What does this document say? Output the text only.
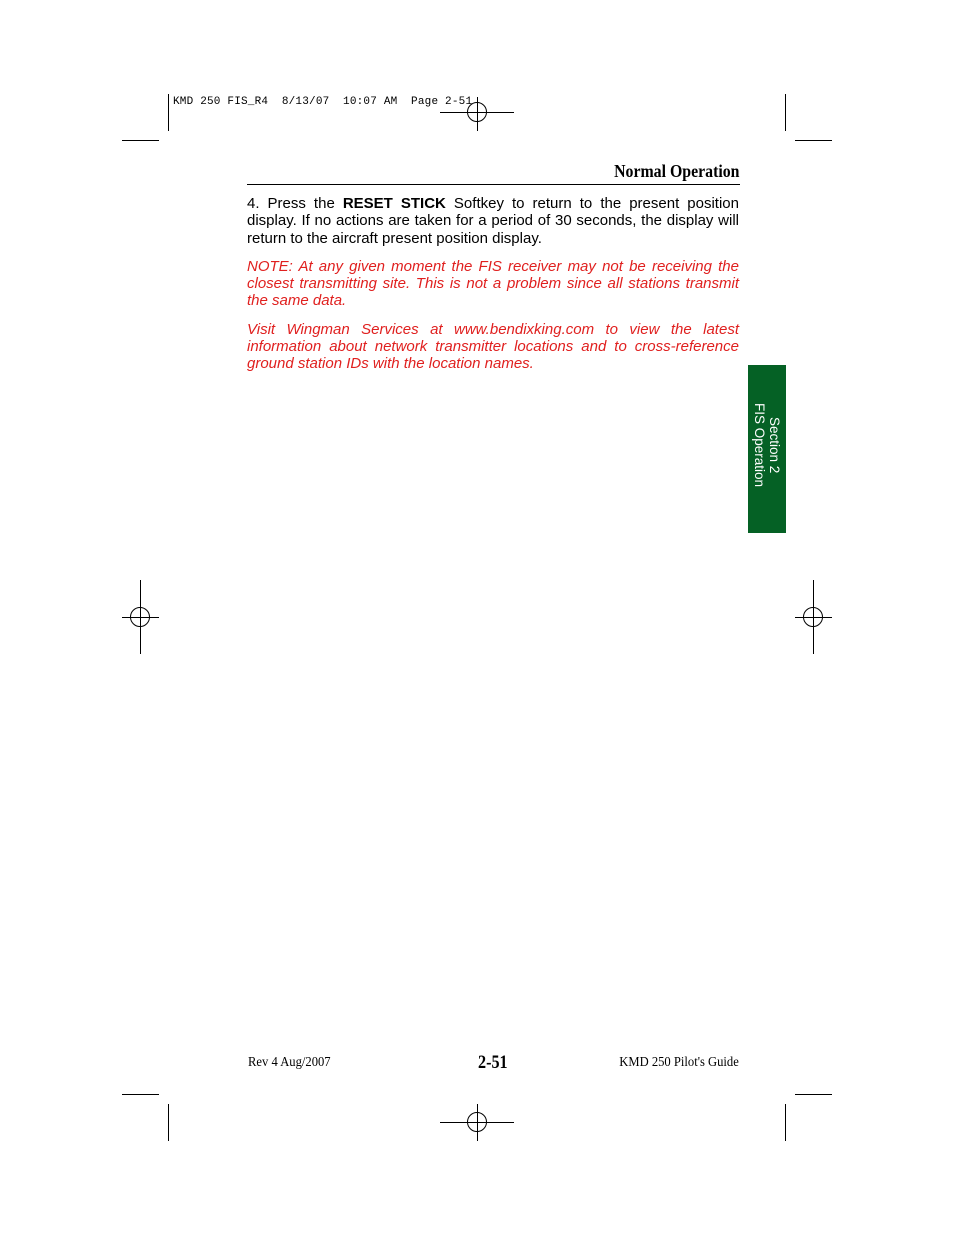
KMD 250 FIS_R4  8/13/07  10:07 AM  Page 2-51
Normal Operation

4. Press the RESET STICK Softkey to return to the present position display. If no actions are taken for a period of 30 seconds, the display will return to the aircraft present position display.

NOTE: At any given moment the FIS receiver may not be receiving the closest transmitting site. This is not a problem since all stations transmit the same data.

Visit Wingman Services at www.bendixking.com to view the latest information about network transmitter locations and to cross-reference ground station IDs with the location names.

Section 2
FIS Operation
Rev 4 Aug/2007	2-51	KMD 250 Pilot's Guide
